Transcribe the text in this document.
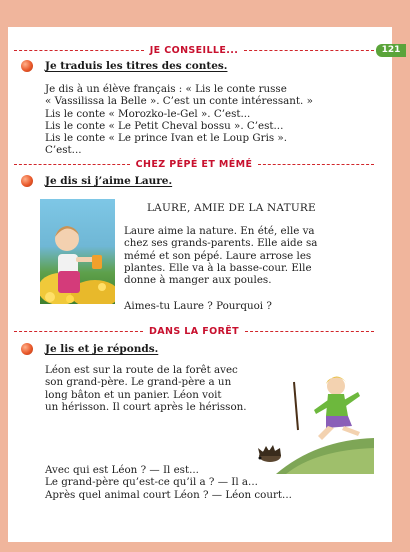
121
JE CONSEILLE...
Je traduis les titres des contes.
Je dis à un élève français : « Lis le conte russe
« Vassilissa la Belle ». C’est un conte intéressant. »
Lis le conte « Morozko-le-Gel ». C’est...
Lis le conte « Le Petit Cheval bossu ». C’est...
Lis le conte « Le prince Ivan et le Loup Gris ».
C’est...
CHEZ PÉPÉ ET MÉMÉ
Je dis si j’aime Laure.
LAURE, AMIE DE LA NATURE
Laure aime la nature. En été, elle va
chez ses grands-parents. Elle aide sa
mémé et son pépé. Laure arrose les
plantes. Elle va à la basse-cour. Elle
donne à manger aux poules.
Aimes-tu Laure ? Pourquoi ?
DANS LA FORÊT
Je lis et je réponds.
Léon est sur la route de la forêt avec
son grand-père. Le grand-père a un
long bâton et un panier. Léon voit
un hérisson. Il court après le hérisson.
Avec qui est Léon ? — Il est...
Le grand-père qu’est-ce qu’il a ? — Il a...
Après quel animal court Léon ? — Léon court...
